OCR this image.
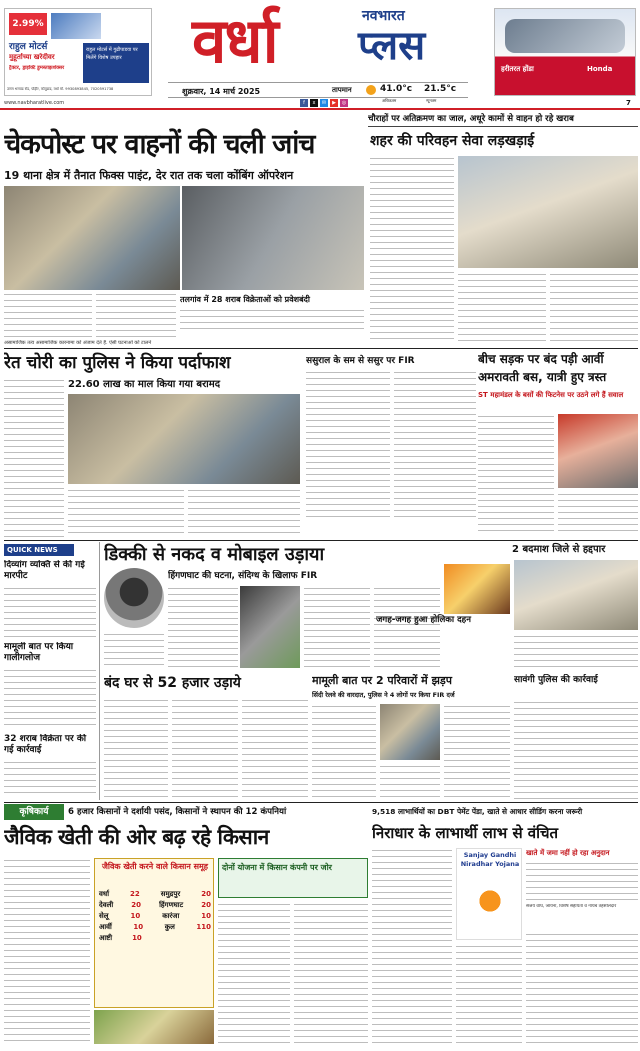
2.99%
राहुल मोटर्स
मुहूर्ताच्या खरेदीवर
ट्रैक्टर, ड्राइक्टि डुमस्ताझशेक्सर
राहुल मोटर्स में गुढीपाडवा पर मिलेंगे विशेष उपहार
उत्तम भरवाड रोड, पोहीर, कोवुडाड, वर्धा मो. 9930893845, 7020591738
वर्धा	नवभारत
प्लस
शुक्रवार, 14 मार्च 2025	तापमान	41.0°c 21.5°c
अधिकतम	न्यूनतम
हरीतरत होंडा	Honda
www.navbharatlive.com	f	x	✉	▶	◎	7
चौराहों पर अतिक्रमण का जाल, अधूरे कामों से वाहन हो रहे खराब
चेकपोस्ट पर वाहनों की चली जांच
19 थाना क्षेत्र में तैनात फिक्स पाइंट, देर रात तक चला कोंबिंग ऑपरेशन
तलगांव में 28 शराब विक्रेताओं को प्रवेशबंदी
असामाजिक तत्व असामाजिक कारनामा को अंजाम देते हैं. ऐसी घटनाओं को टालने
शहर की परिवहन सेवा लड़खड़ाई
रेत चोरी का पुलिस ने किया पर्दाफाश
22.60 लाख का माल किया गया बरामद
ससुराल के सम से ससुर पर FIR	बीच सड़क पर बंद पड़ी आर्वी अमरावती बस, यात्री हुए त्रस्त
ST महामंडल के बसों की फिटनेस पर उठने लगे हैं सवाल
QUICK NEWS
दिव्यांग व्यक्ति से की गई मारपीट
मामूली बात पर किया गालीगलोज
32 शराब विक्रेता पर की गई कार्रवाई
डिक्की से नकद व मोबाइल उड़ाया
हिंगणघाट की घटना, संदिग्ध के खिलाफ FIR
जगह-जगह हुआ होलिका दहन
2 बदमाश जिले से हद्दपार
सावंगी पुलिस की कार्रवाई
बंद घर से 52 हजार उड़ाये	मामूली बात पर 2 परिवारों में झड़प
सिंदी रेलवे की वारदात, पुलिस ने 4 लोगों पर किया FIR दर्ज
कृषिकार्य	6 हजार किसानों ने दर्शायी पसंद, किसानों ने स्थापन की 12 कंपनियां
जैविक खेती की ओर बढ़ रहे किसान
जैविक खेती करने वाले किसान समूह
वर्धा	22	समुद्रपुर	20
देवली	20	हिंगणघाट	20
सेलू	10	कारंजा	10
आर्वी	10	कुल	110
आष्टी	10
दोनों योजना में किसान कंपनी पर जोर
9,518 लाभार्थियों का DBT पेमेंट पेंडा, खाते से आधार सीडिंग करना जरूरी
निराधार के लाभार्थी लाभ से वंचित
Sanjay Gandhi Niradhar Yojana
खाते में जमा नहीं हो रहा अनुदान
संजय वाघ, जायना, विशेष सहायता व नायब तहसीलदार
